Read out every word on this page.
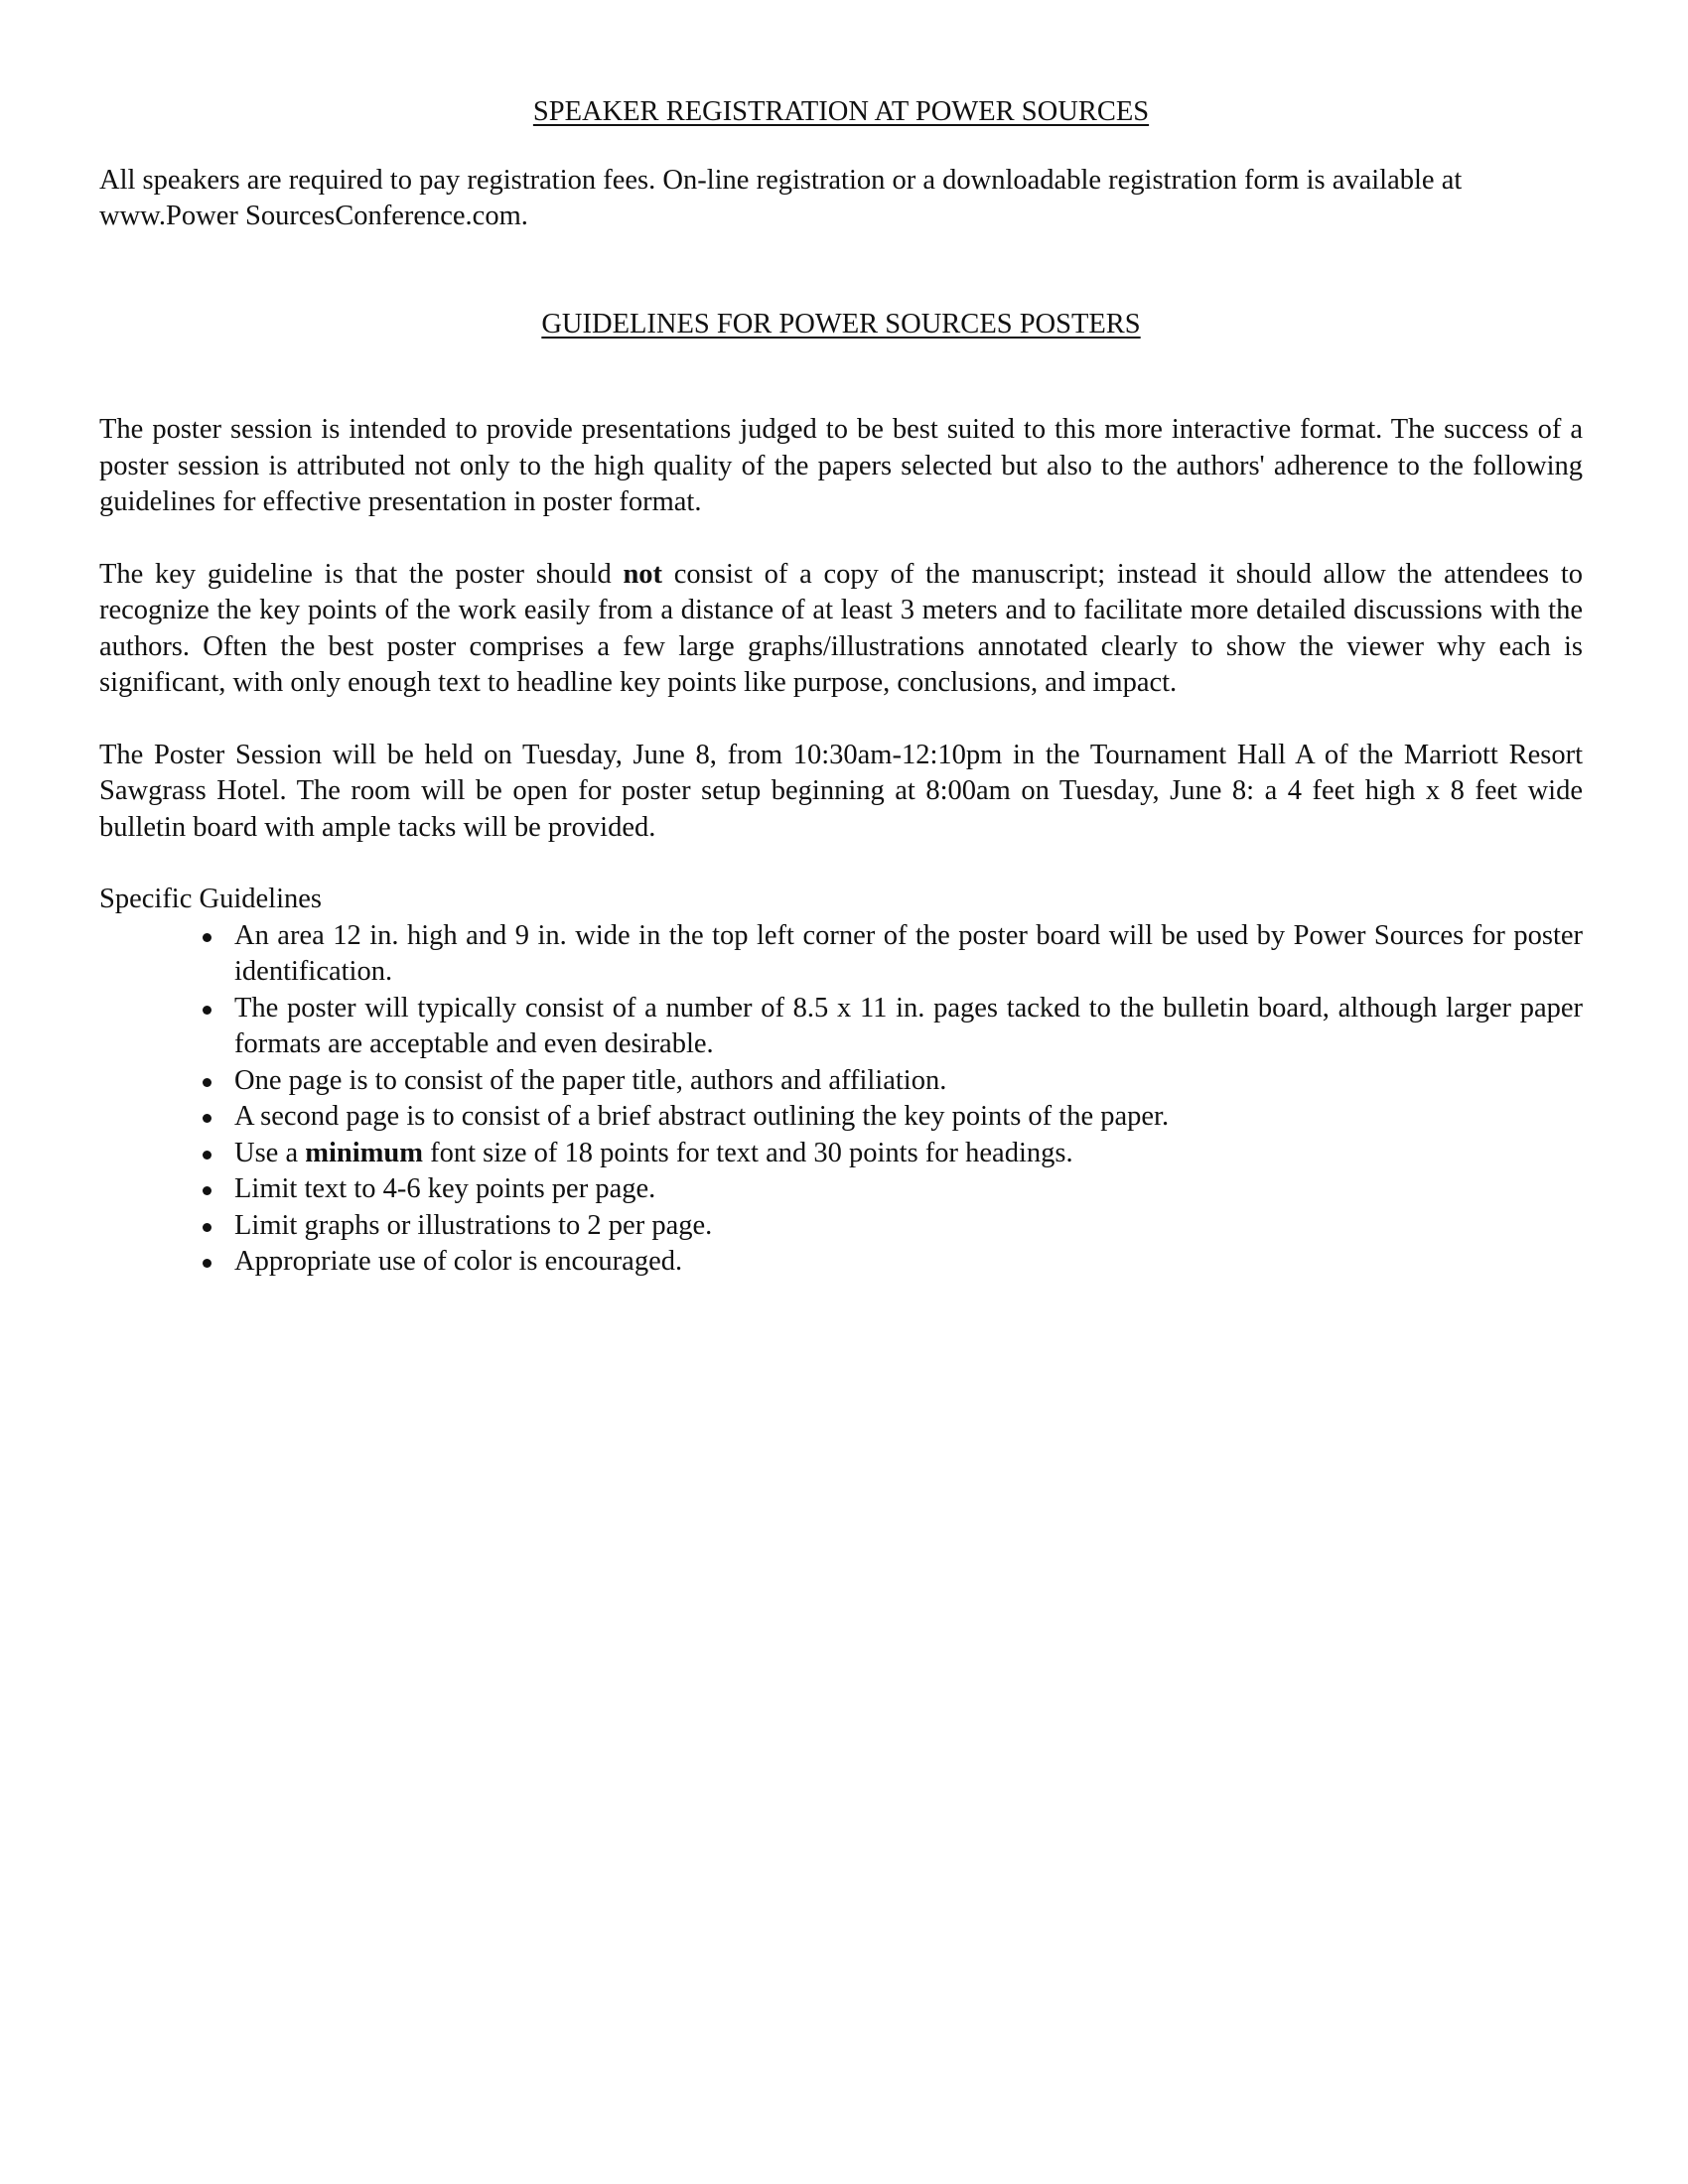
SPEAKER REGISTRATION AT POWER SOURCES

All speakers are required to pay registration fees. On-line registration or a downloadable registration form is available at
www.Power SourcesConference.com.

GUIDELINES FOR POWER SOURCES POSTERS

The poster session is intended to provide presentations judged to be best suited to this more interactive format. The success of a poster session is attributed not only to the high quality of the papers selected but also to the authors' adherence to the following guidelines for effective presentation in poster format.

The key guideline is that the poster should not consist of a copy of the manuscript; instead it should allow the attendees to recognize the key points of the work easily from a distance of at least 3 meters and to facilitate more detailed discussions with the authors. Often the best poster comprises a few large graphs/illustrations annotated clearly to show the viewer why each is significant, with only enough text to headline key points like purpose, conclusions, and impact.

The Poster Session will be held on Tuesday, June 8, from 10:30am-12:10pm in the Tournament Hall A of the Marriott Resort Sawgrass Hotel. The room will be open for poster setup beginning at 8:00am on Tuesday, June 8: a 4 feet high x 8 feet wide bulletin board with ample tacks will be provided.

Specific Guidelines

An area 12 in. high and 9 in. wide in the top left corner of the poster board will be used by Power Sources for poster identification.
The poster will typically consist of a number of 8.5 x 11 in. pages tacked to the bulletin board, although larger paper formats are acceptable and even desirable.
One page is to consist of the paper title, authors and affiliation.
A second page is to consist of a brief abstract outlining the key points of the paper.
Use a minimum font size of 18 points for text and 30 points for headings.
Limit text to 4-6 key points per page.
Limit graphs or illustrations to 2 per page.
Appropriate use of color is encouraged.
